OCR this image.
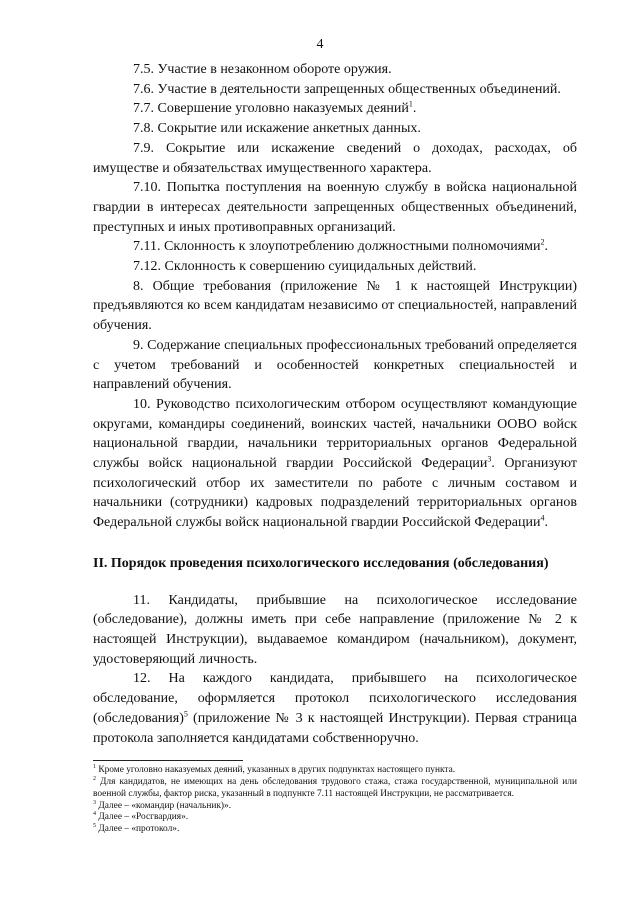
4

7.5. Участие в незаконном обороте оружия.

7.6. Участие в деятельности запрещенных общественных объединений.

7.7. Совершение уголовно наказуемых деяний$^1$.

7.8. Сокрытие или искажение анкетных данных.

7.9. Сокрытие или искажение сведений о доходах, расходах, об имуществе и обязательствах имущественного характера.

7.10. Попытка поступления на военную службу в войска национальной гвардии в интересах деятельности запрещенных общественных объединений, преступных и иных противоправных организаций.

7.11. Склонность к злоупотреблению должностными полномочиями$^2$.

7.12. Склонность к совершению суицидальных действий.

8. Общие требования (приложение № 1 к настоящей Инструкции) предъявляются ко всем кандидатам независимо от специальностей, направлений обучения.

9. Содержание специальных профессиональных требований определяется с учетом требований и особенностей конкретных специальностей и направлений обучения.

10. Руководство психологическим отбором осуществляют командующие округами, командиры соединений, воинских частей, начальники ООВО войск национальной гвардии, начальники территориальных органов Федеральной службы войск национальной гвардии Российской Федерации$^3$. Организуют психологический отбор их заместители по работе с личным составом и начальники (сотрудники) кадровых подразделений территориальных органов Федеральной службы войск национальной гвардии Российской Федерации$^4$.

II. Порядок проведения психологического исследования (обследования)

11. Кандидаты, прибывшие на психологическое исследование (обследование), должны иметь при себе направление (приложение № 2 к настоящей Инструкции), выдаваемое командиром (начальником), документ, удостоверяющий личность.

12. На каждого кандидата, прибывшего на психологическое обследование, оформляется протокол психологического исследования (обследования)$^5$ (приложение № 3 к настоящей Инструкции). Первая страница протокола заполняется кандидатами собственноручно.

$^1$ Кроме уголовно наказуемых деяний, указанных в других подпунктах настоящего пункта.

$^2$ Для кандидатов, не имеющих на день обследования трудового стажа, стажа государственной, муниципальной или военной службы, фактор риска, указанный в подпункте 7.11 настоящей Инструкции, не рассматривается.

$^3$ Далее – «командир (начальник)».

$^4$ Далее – «Росгвардия».

$^5$ Далее – «протокол».
